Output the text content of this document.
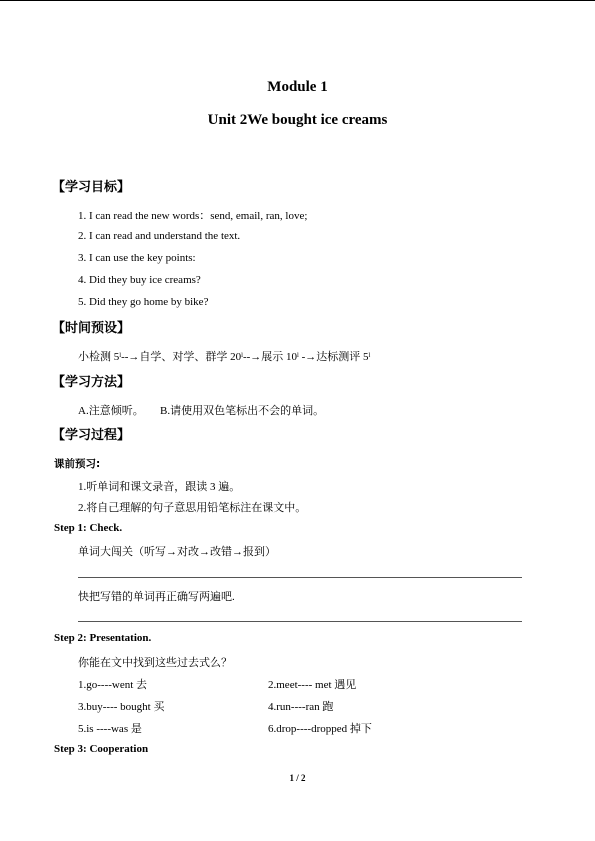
Module 1
Unit 2We bought ice creams
【学习目标】
1. I can read the new words：send, email, ran, love;
2. I can read and understand the text.
3. I can use the key points:
4. Did they buy ice creams?
5. Did they go home by bike?
【时间预设】
小检测 5ˡ--→自学、对学、群学 20ˡ--→展示 10ˡ -→达标测评 5ˡ
【学习方法】
A.注意倾听。 B.请使用双色笔标出不会的单词。
【学习过程】
课前预习:
1.听单词和课文录音，跟读 3 遍。
2.将自己理解的句子意思用铅笔标注在课文中。
Step 1: Check.
单词大闯关（听写→对改→改错→报到）
快把写错的单词再正确写两遍吧.
Step 2: Presentation.
你能在文中找到这些过去式么？
1.go----went 去	2.meet---- met 遇见
3.buy---- bought 买	4.run----ran 跑
5.is ----was 是	6.drop----dropped 掉下
Step 3: Cooperation
1 / 2
